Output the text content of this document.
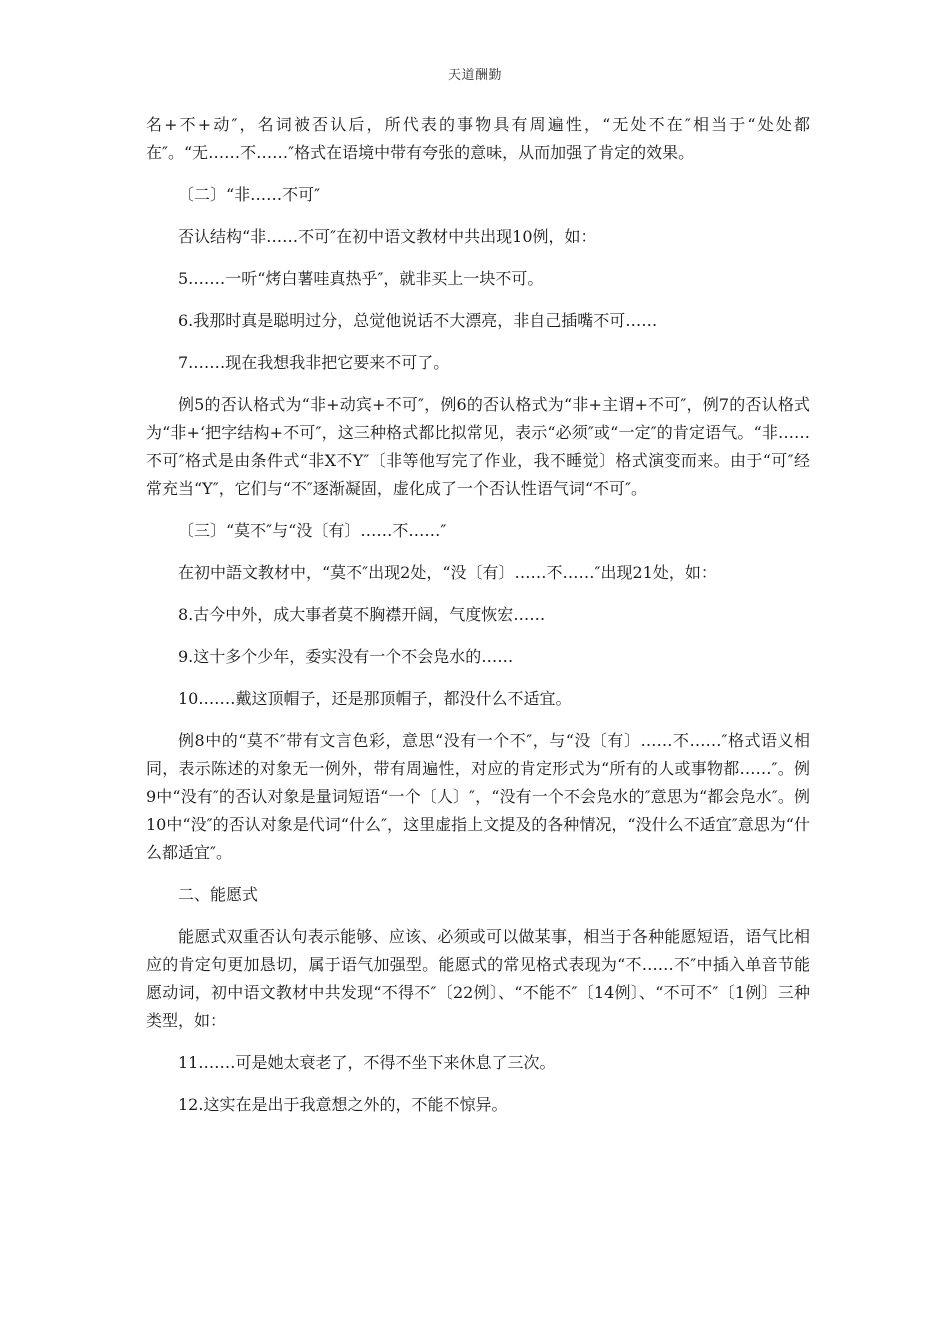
天道酬勤

名+不+动″，名词被否认后，所代表的事物具有周遍性，“无处不在″相当于“处处都在″。“无……不……″格式在语境中带有夸张的意味，从而加强了肯定的效果。

〔二〕“非……不可″

否认结构“非……不可″在初中语文教材中共出现10例，如：

5.……一听“烤白薯哇真热乎″，就非买上一块不可。

6.我那时真是聪明过分，总觉他说话不大漂亮，非自己插嘴不可……

7.……现在我想我非把它要来不可了。

例5的否认格式为“非+动宾+不可″，例6的否认格式为“非+主谓+不可″，例7的否认格式为“非+‘把字结构+不可″，这三种格式都比拟常见，表示“必须″或“一定″的肯定语气。“非……不可″格式是由条件式“非X不Y″〔非等他写完了作业，我不睡觉〕格式演变而来。由于“可″经常充当“Y″，它们与“不″逐渐凝固，虚化成了一个否认性语气词“不可″。

〔三〕“莫不″与“没〔有〕……不……″

在初中語文教材中，“莫不″出现2处，“没〔有〕……不……″出现21处，如：

8.古今中外，成大事者莫不胸襟开阔，气度恢宏……

9.这十多个少年，委实没有一个不会凫水的……

10.……戴这顶帽子，还是那顶帽子，都没什么不适宜。

例8中的“莫不″带有文言色彩，意思“没有一个不″，与“没〔有〕……不……″格式语义相同，表示陈述的对象无一例外，带有周遍性，对应的肯定形式为“所有的人或事物都……″。例9中“没有″的否认对象是量词短语“一个〔人〕″，“没有一个不会凫水的″意思为“都会凫水″。例10中“没″的否认对象是代词“什么″，这里虚指上文提及的各种情况，“没什么不适宜″意思为“什么都适宜″。

二、能愿式

能愿式双重否认句表示能够、应该、必须或可以做某事，相当于各种能愿短语，语气比相应的肯定句更加恳切，属于语气加强型。能愿式的常见格式表现为“不……不″中插入单音节能愿动词，初中语文教材中共发现“不得不″〔22例〕、“不能不″〔14例〕、“不可不″〔1例〕三种类型，如：

11.……可是她太衰老了，不得不坐下来休息了三次。

12.这实在是出于我意想之外的，不能不惊异。
